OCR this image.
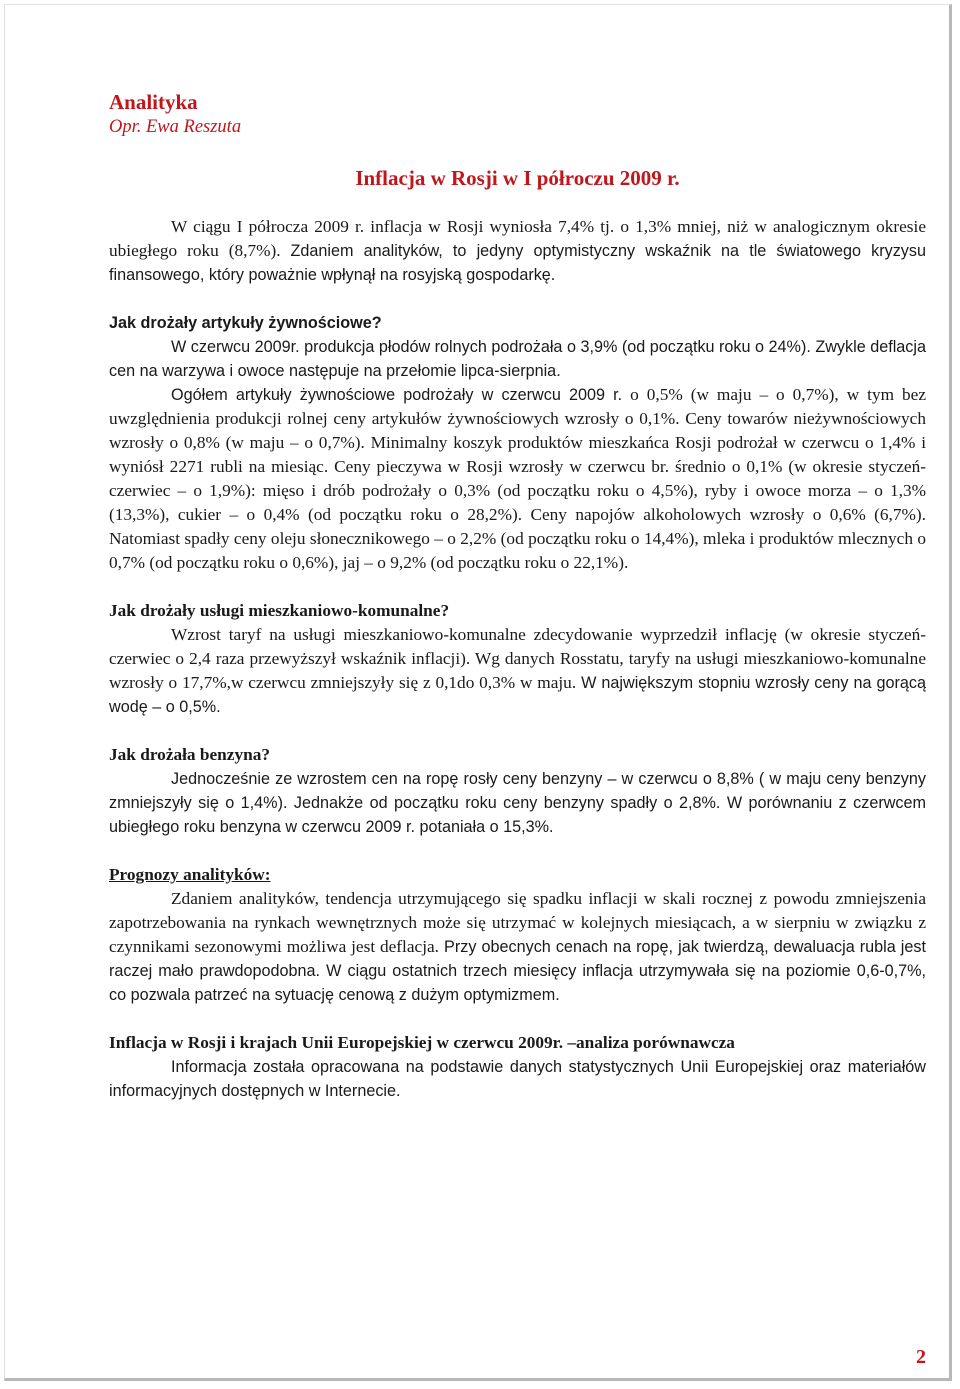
Analityka
Opr. Ewa Reszuta
Inflacja w Rosji w I półroczu 2009 r.

W ciągu I półrocza 2009 r. inflacja w Rosji wyniosła 7,4% tj. o 1,3% mniej, niż w analogicznym okresie ubiegłego roku (8,7%). Zdaniem analityków, to jedyny optymistyczny wskaźnik na tle światowego kryzysu finansowego, który poważnie wpłynął na rosyjską gospodarkę.

Jak drożały artykuły żywnościowe?

W czerwcu 2009r. produkcja płodów rolnych podrożała o 3,9% (od początku roku o 24%). Zwykle deflacja cen na warzywa i owoce następuje na przełomie lipca-sierpnia.

Ogółem artykuły żywnościowe podrożały w czerwcu 2009 r. o 0,5% (w maju – o 0,7%), w tym bez uwzględnienia produkcji rolnej ceny artykułów żywnościowych wzrosły o 0,1%. Ceny towarów nieżywnościowych wzrosły o 0,8% (w maju – o 0,7%). Minimalny koszyk produktów mieszkańca Rosji podrożał w czerwcu o 1,4% i wyniósł 2271 rubli na miesiąc. Ceny pieczywa w Rosji wzrosły w czerwcu br. średnio o 0,1% (w okresie styczeń-czerwiec – o 1,9%): mięso i drób podrożały o 0,3% (od początku roku o 4,5%), ryby i owoce morza – o 1,3% (13,3%), cukier – o 0,4% (od początku roku o 28,2%). Ceny napojów alkoholowych wzrosły o 0,6% (6,7%). Natomiast spadły ceny oleju słonecznikowego – o 2,2% (od początku roku o 14,4%), mleka i produktów mlecznych o 0,7% (od początku roku o 0,6%), jaj – o 9,2% (od początku roku o 22,1%).

Jak drożały usługi mieszkaniowo-komunalne?

Wzrost taryf na usługi mieszkaniowo-komunalne zdecydowanie wyprzedził inflację (w okresie styczeń-czerwiec o 2,4 raza przewyższył wskaźnik inflacji). Wg danych Rosstatu, taryfy na usługi mieszkaniowo-komunalne wzrosły o 17,7%,w czerwcu zmniejszyły się z 0,1do 0,3% w maju. W największym stopniu wzrosły ceny na gorącą wodę – o 0,5%.

Jak drożała benzyna?

Jednocześnie ze wzrostem cen na ropę rosły ceny benzyny – w czerwcu o 8,8% ( w maju ceny benzyny zmniejszyły się o 1,4%). Jednakże od początku roku ceny benzyny spadły o 2,8%. W porównaniu z czerwcem ubiegłego roku benzyna w czerwcu 2009 r. potaniała o 15,3%.

Prognozy analityków:

Zdaniem analityków, tendencja utrzymującego się spadku inflacji w skali rocznej z powodu zmniejszenia zapotrzebowania na rynkach wewnętrznych może się utrzymać w kolejnych miesiącach, a w sierpniu w związku z czynnikami sezonowymi możliwa jest deflacja. Przy obecnych cenach na ropę, jak twierdzą, dewaluacja rubla jest raczej mało prawdopodobna. W ciągu ostatnich trzech miesięcy inflacja utrzymywała się na poziomie 0,6-0,7%, co pozwala patrzeć na sytuację cenową z dużym optymizmem.

Inflacja w Rosji i krajach Unii Europejskiej w czerwcu 2009r. –analiza porównawcza

Informacja została opracowana na podstawie danych statystycznych Unii Europejskiej oraz materiałów informacyjnych dostępnych w Internecie.

2
